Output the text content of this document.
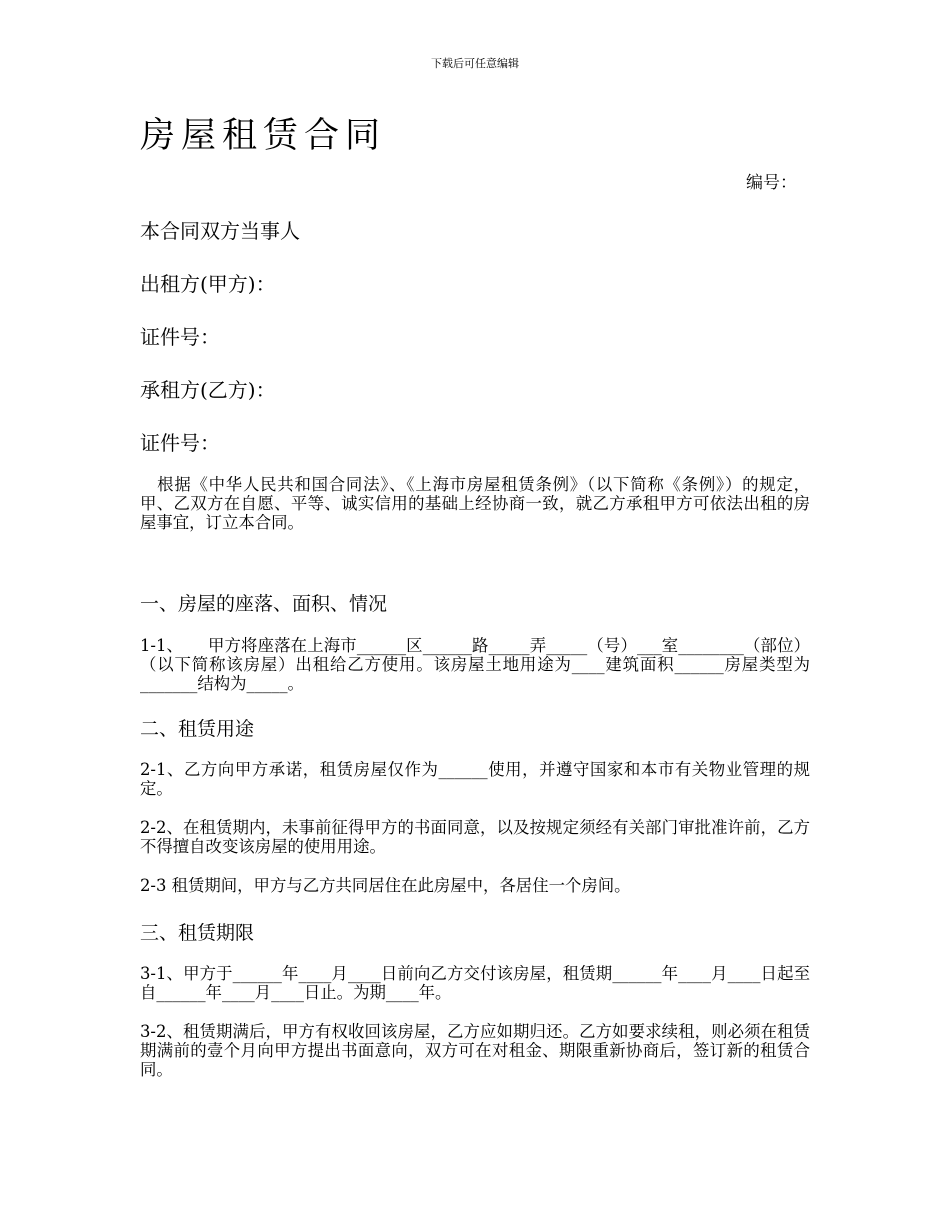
下载后可任意编辑
房屋租赁合同
编号：

本合同双方当事人

出租方(甲方)：

证件号：

承租方(乙方)：

证件号：

　根据《中华人民共和国合同法》、《上海市房屋租赁条例》（以下简称《条例》）的规定，甲、乙双方在自愿、平等、诚实信用的基础上经协商一致，就乙方承租甲方可依法出租的房屋事宜，订立本合同。

一、房屋的座落、面积、情况

1-1、　　甲方将座落在上海市______区______路_____弄_____（号）___室________（部位）（以下简称该房屋）出租给乙方使用。该房屋土地用途为____建筑面积______房屋类型为_______结构为_____。

二、租赁用途

2-1、乙方向甲方承诺，租赁房屋仅作为______使用，并遵守国家和本市有关物业管理的规定。

2-2、在租赁期内，未事前征得甲方的书面同意，以及按规定须经有关部门审批准许前，乙方不得擅自改变该房屋的使用用途。

2-3 租赁期间，甲方与乙方共同居住在此房屋中，各居住一个房间。

三、租赁期限

3-1、甲方于______年____月____日前向乙方交付该房屋，租赁期______年____月____日起至自______年____月____日止。为期____年。

3-2、租赁期满后，甲方有权收回该房屋，乙方应如期归还。乙方如要求续租，则必须在租赁期满前的壹个月向甲方提出书面意向，双方可在对租金、期限重新协商后，签订新的租赁合同。
